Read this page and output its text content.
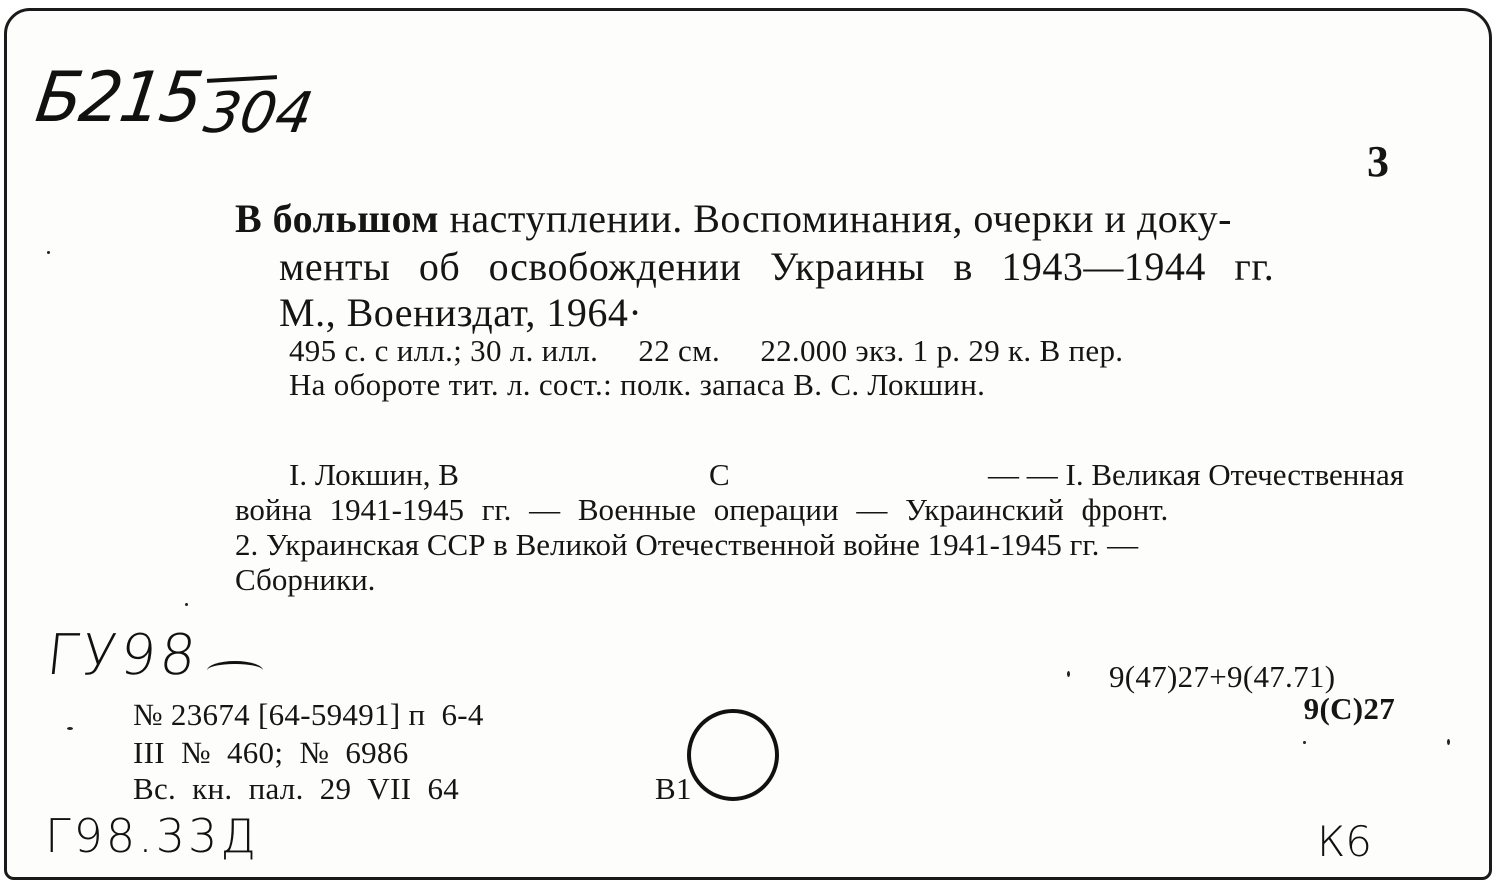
Б215
304
3
В большом наступлении. Воспоминания, очерки и доку-
менты об освобождении Украины в 1943—1944 гг.
М., Воениздат, 1964·
495 с. с илл.; 30 л. илл.     22 см.     22.000 экз. 1 р. 29 к. В пер.
На обороте тит. л. сост.: полк. запаса В. С. Локшин.
I. Локшин, В	С	— — I. Великая Отечественная
война 1941-1945 гг. — Военные операции — Украинский фронт.
2. Украинская ССР в Великой Отечественной войне 1941-1945 гг. —
Сборники.
ГУ98	9(47)27+9(47.71)
9(С)27
№ 23674 [64-59491] п  6-4
III  №  460;  №  6986
Вс.  кн.  пал.  29  VII  64	В1
Г98.33Д	К6
